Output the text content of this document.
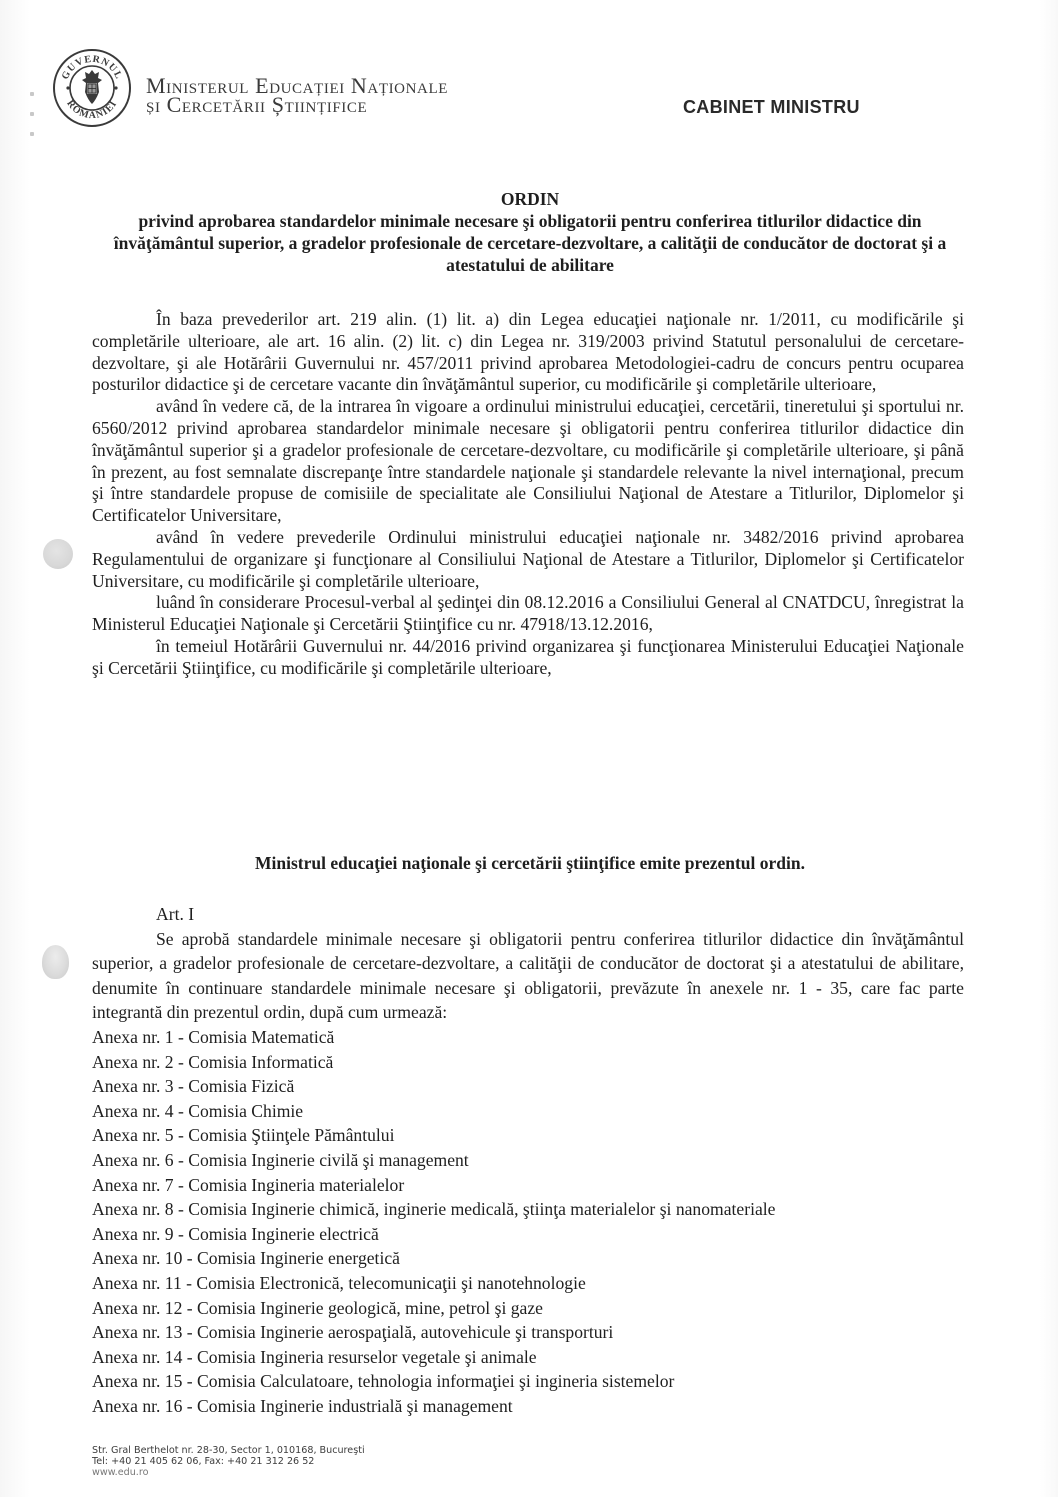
GUVERNUL
ROMÂNIEI
Ministerul Educației Naționale
și Cercetării Științifice	CABINET MINISTRU
ORDIN
privind aprobarea standardelor minimale necesare şi obligatorii pentru conferirea titlurilor didactice din învăţământul superior, a gradelor profesionale de cercetare-dezvoltare, a calităţii de conducător de doctorat şi a atestatului de abilitare

În baza prevederilor art. 219 alin. (1) lit. a) din Legea educaţiei naţionale nr. 1/2011, cu modificările şi completările ulterioare, ale art. 16 alin. (2) lit. c) din Legea nr. 319/2003 privind Statutul personalului de cercetare-dezvoltare, şi ale Hotărârii Guvernului nr. 457/2011 privind aprobarea Metodologiei-cadru de concurs pentru ocuparea posturilor didactice şi de cercetare vacante din învăţământul superior, cu modificările şi completările ulterioare,

având în vedere că, de la intrarea în vigoare a ordinului ministrului educaţiei, cercetării, tineretului şi sportului nr. 6560/2012 privind aprobarea standardelor minimale necesare şi obligatorii pentru conferirea titlurilor didactice din învăţământul superior şi a gradelor profesionale de cercetare-dezvoltare, cu modificările şi completările ulterioare, şi până în prezent, au fost semnalate discrepanţe între standardele naţionale şi standardele relevante la nivel internaţional, precum şi între standardele propuse de comisiile de specialitate ale Consiliului Naţional de Atestare a Titlurilor, Diplomelor şi Certificatelor Universitare,

având în vedere prevederile Ordinului ministrului educaţiei naţionale nr. 3482/2016 privind aprobarea Regulamentului de organizare şi funcţionare al Consiliului Naţional de Atestare a Titlurilor, Diplomelor şi Certificatelor Universitare, cu modificările şi completările ulterioare,

luând în considerare Procesul-verbal al şedinţei din 08.12.2016 a Consiliului General al CNATDCU, înregistrat la Ministerul Educaţiei Naţionale şi Cercetării Ştiinţifice cu nr. 47918/13.12.2016,

în temeiul Hotărârii Guvernului nr. 44/2016 privind organizarea şi funcţionarea Ministerului Educaţiei Naţionale şi Cercetării Ştiinţifice, cu modificările şi completările ulterioare,

Ministrul educaţiei naţionale şi cercetării ştiinţifice emite prezentul ordin.
Art. I
Se aprobă standardele minimale necesare şi obligatorii pentru conferirea titlurilor didactice din învăţământul superior, a gradelor profesionale de cercetare-dezvoltare, a calităţii de conducător de doctorat şi a atestatului de abilitare, denumite în continuare standardele minimale necesare şi obligatorii, prevăzute în anexele nr. 1 - 35, care fac parte integrantă din prezentul ordin, după cum urmează:
Anexa nr. 1 - Comisia Matematică
Anexa nr. 2 - Comisia Informatică
Anexa nr. 3 - Comisia Fizică
Anexa nr. 4 - Comisia Chimie
Anexa nr. 5 - Comisia Ştiinţele Pământului
Anexa nr. 6 - Comisia Inginerie civilă şi management
Anexa nr. 7 - Comisia Ingineria materialelor
Anexa nr. 8 - Comisia Inginerie chimică, inginerie medicală, ştiinţa materialelor şi nanomateriale
Anexa nr. 9 - Comisia Inginerie electrică
Anexa nr. 10 - Comisia Inginerie energetică
Anexa nr. 11 - Comisia Electronică, telecomunicaţii şi nanotehnologie
Anexa nr. 12 - Comisia Inginerie geologică, mine, petrol şi gaze
Anexa nr. 13 - Comisia Inginerie aerospaţială, autovehicule şi transporturi
Anexa nr. 14 - Comisia Ingineria resurselor vegetale şi animale
Anexa nr. 15 - Comisia Calculatoare, tehnologia informaţiei şi ingineria sistemelor
Anexa nr. 16 - Comisia Inginerie industrială şi management
Str. Gral Berthelot nr. 28-30, Sector 1, 010168, Bucureşti
Tel: +40 21 405 62 06, Fax: +40 21 312 26 52
www.edu.ro
